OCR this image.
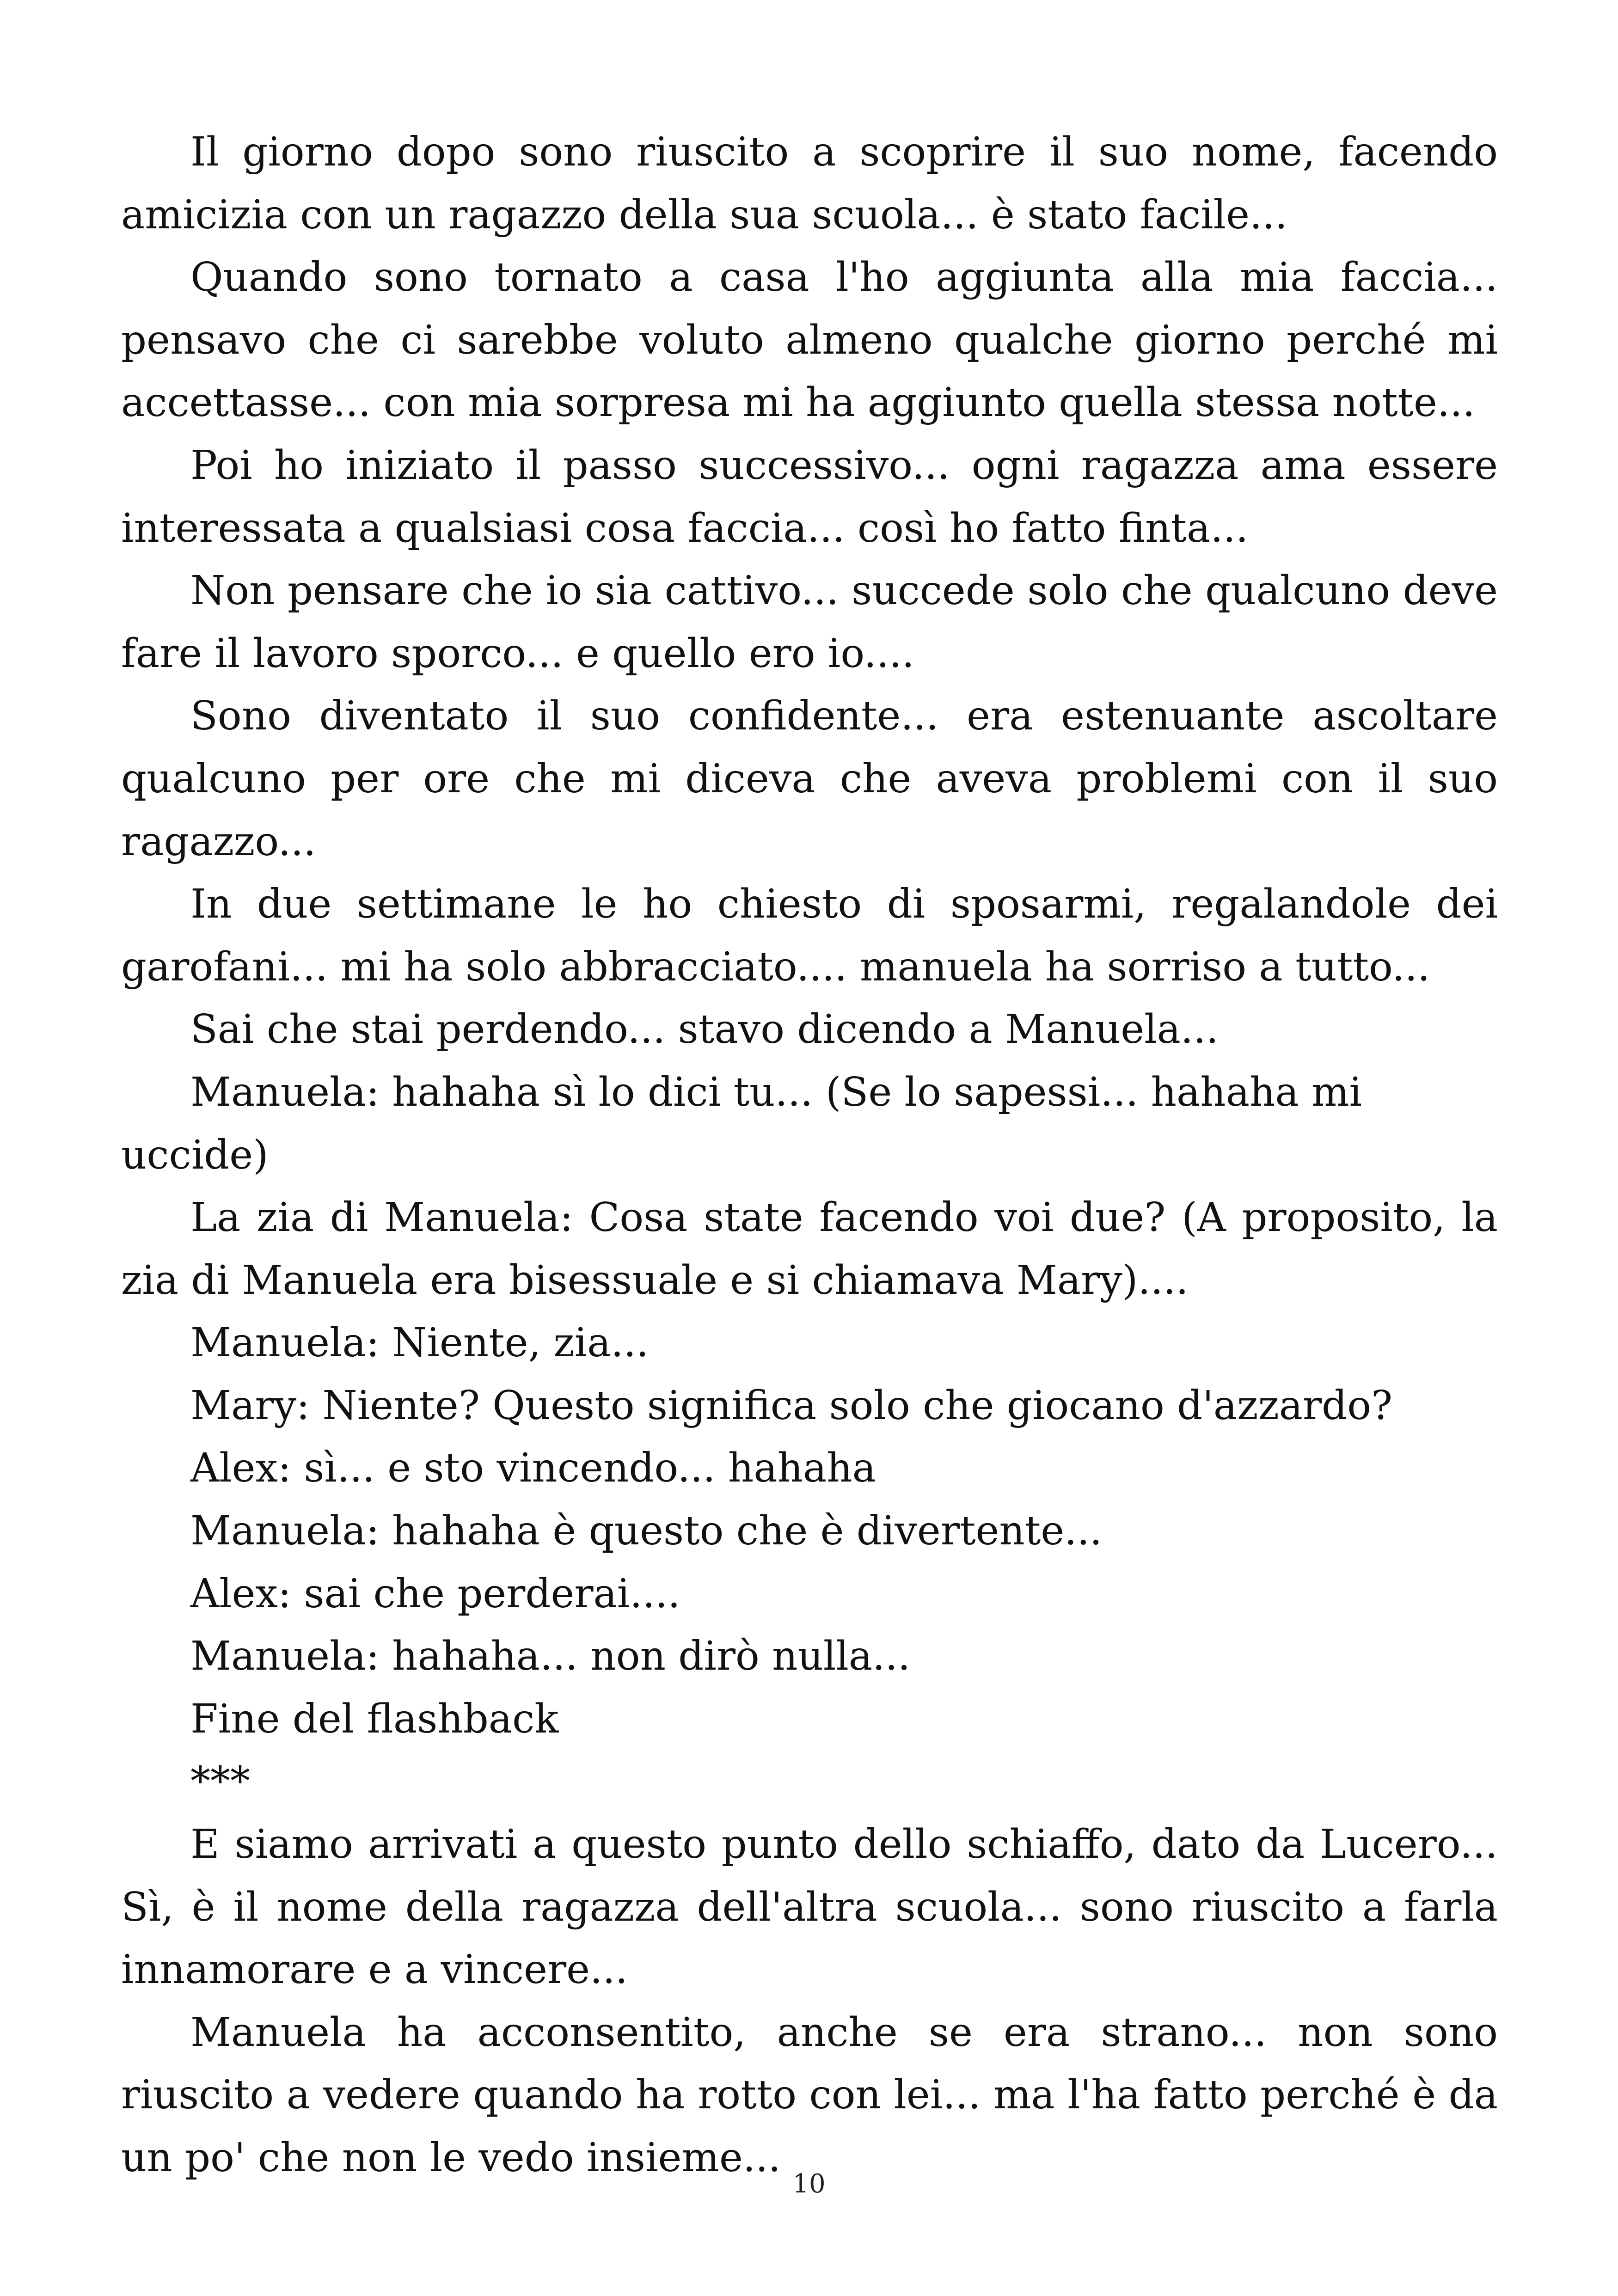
Il giorno dopo sono riuscito a scoprire il suo nome, facendo amicizia con un ragazzo della sua scuola... è stato facile...

Quando sono tornato a casa l'ho aggiunta alla mia faccia... pensavo che ci sarebbe voluto almeno qualche giorno perché mi accettasse... con mia sorpresa mi ha aggiunto quella stessa notte...

Poi ho iniziato il passo successivo... ogni ragazza ama essere interessata a qualsiasi cosa faccia... così ho fatto finta...

Non pensare che io sia cattivo... succede solo che qualcuno deve fare il lavoro sporco... e quello ero io....

Sono diventato il suo confidente... era estenuante ascoltare qualcuno per ore che mi diceva che aveva problemi con il suo ragazzo...

In due settimane le ho chiesto di sposarmi, regalandole dei garofani... mi ha solo abbracciato.... manuela ha sorriso a tutto...

Sai che stai perdendo... stavo dicendo a Manuela...

Manuela: hahaha sì lo dici tu... (Se lo sapessi... hahaha mi uccide)

La zia di Manuela: Cosa state facendo voi due? (A proposito, la zia di Manuela era bisessuale e si chiamava Mary)....

Manuela: Niente, zia...

Mary: Niente? Questo significa solo che giocano d'azzardo?

Alex: sì... e sto vincendo... hahaha

Manuela: hahaha è questo che è divertente...

Alex: sai che perderai....

Manuela: hahaha... non dirò nulla...

Fine del flashback

***

E siamo arrivati a questo punto dello schiaffo, dato da Lucero... Sì, è il nome della ragazza dell'altra scuola... sono riuscito a farla innamorare e a vincere...

Manuela ha acconsentito, anche se era strano... non sono riuscito a vedere quando ha rotto con lei... ma l'ha fatto perché è da un po' che non le vedo insieme...

10
